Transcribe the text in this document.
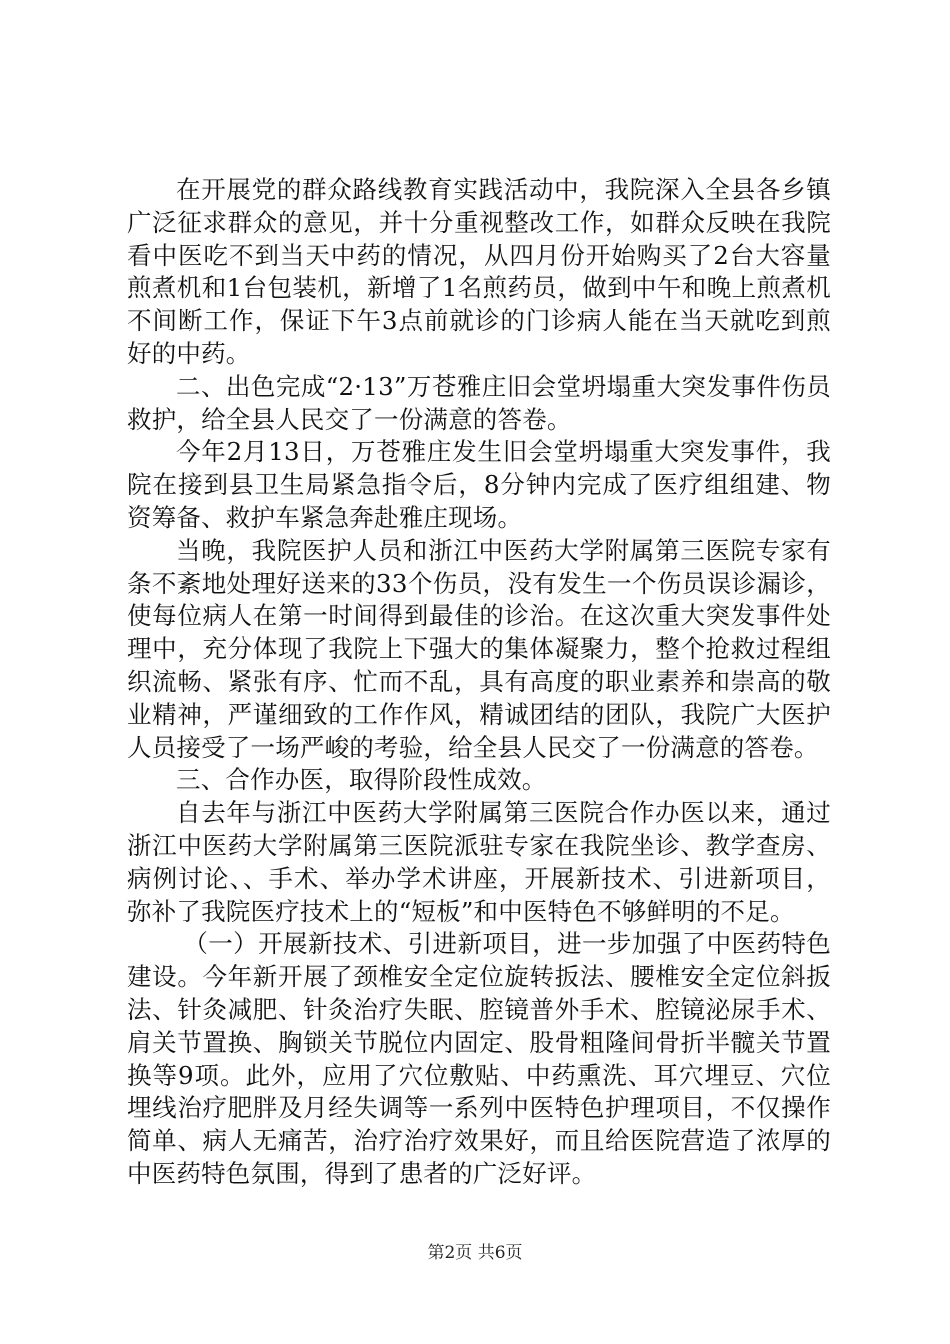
在开展党的群众路线教育实践活动中，我院深入全县各乡镇广泛征求群众的意见，并十分重视整改工作，如群众反映在我院看中医吃不到当天中药的情况，从四月份开始购买了2台大容量煎煮机和1台包装机，新增了1名煎药员，做到中午和晚上煎煮机不间断工作，保证下午3点前就诊的门诊病人能在当天就吃到煎好的中药。

二、出色完成“2·13”万苍雅庄旧会堂坍塌重大突发事件伤员救护，给全县人民交了一份满意的答卷。

今年2月13日，万苍雅庄发生旧会堂坍塌重大突发事件，我院在接到县卫生局紧急指令后，8分钟内完成了医疗组组建、物资筹备、救护车紧急奔赴雅庄现场。

当晚，我院医护人员和浙江中医药大学附属第三医院专家有条不紊地处理好送来的33个伤员，没有发生一个伤员误诊漏诊，使每位病人在第一时间得到最佳的诊治。在这次重大突发事件处理中，充分体现了我院上下强大的集体凝聚力，整个抢救过程组织流畅、紧张有序、忙而不乱，具有高度的职业素养和崇高的敬业精神，严谨细致的工作作风，精诚团结的团队，我院广大医护人员接受了一场严峻的考验，给全县人民交了一份满意的答卷。

三、合作办医，取得阶段性成效。

自去年与浙江中医药大学附属第三医院合作办医以来，通过浙江中医药大学附属第三医院派驻专家在我院坐诊、教学查房、病例讨论、、手术、举办学术讲座，开展新技术、引进新项目，弥补了我院医疗技术上的“短板”和中医特色不够鲜明的不足。

（一）开展新技术、引进新项目，进一步加强了中医药特色建设。今年新开展了颈椎安全定位旋转扳法、腰椎安全定位斜扳法、针灸减肥、针灸治疗失眠、腔镜普外手术、腔镜泌尿手术、肩关节置换、胸锁关节脱位内固定、股骨粗隆间骨折半髋关节置换等9项。此外，应用了穴位敷贴、中药熏洗、耳穴埋豆、穴位埋线治疗肥胖及月经失调等一系列中医特色护理项目，不仅操作简单、病人无痛苦，治疗治疗效果好，而且给医院营造了浓厚的中医药特色氛围，得到了患者的广泛好评。

第2页 共6页
